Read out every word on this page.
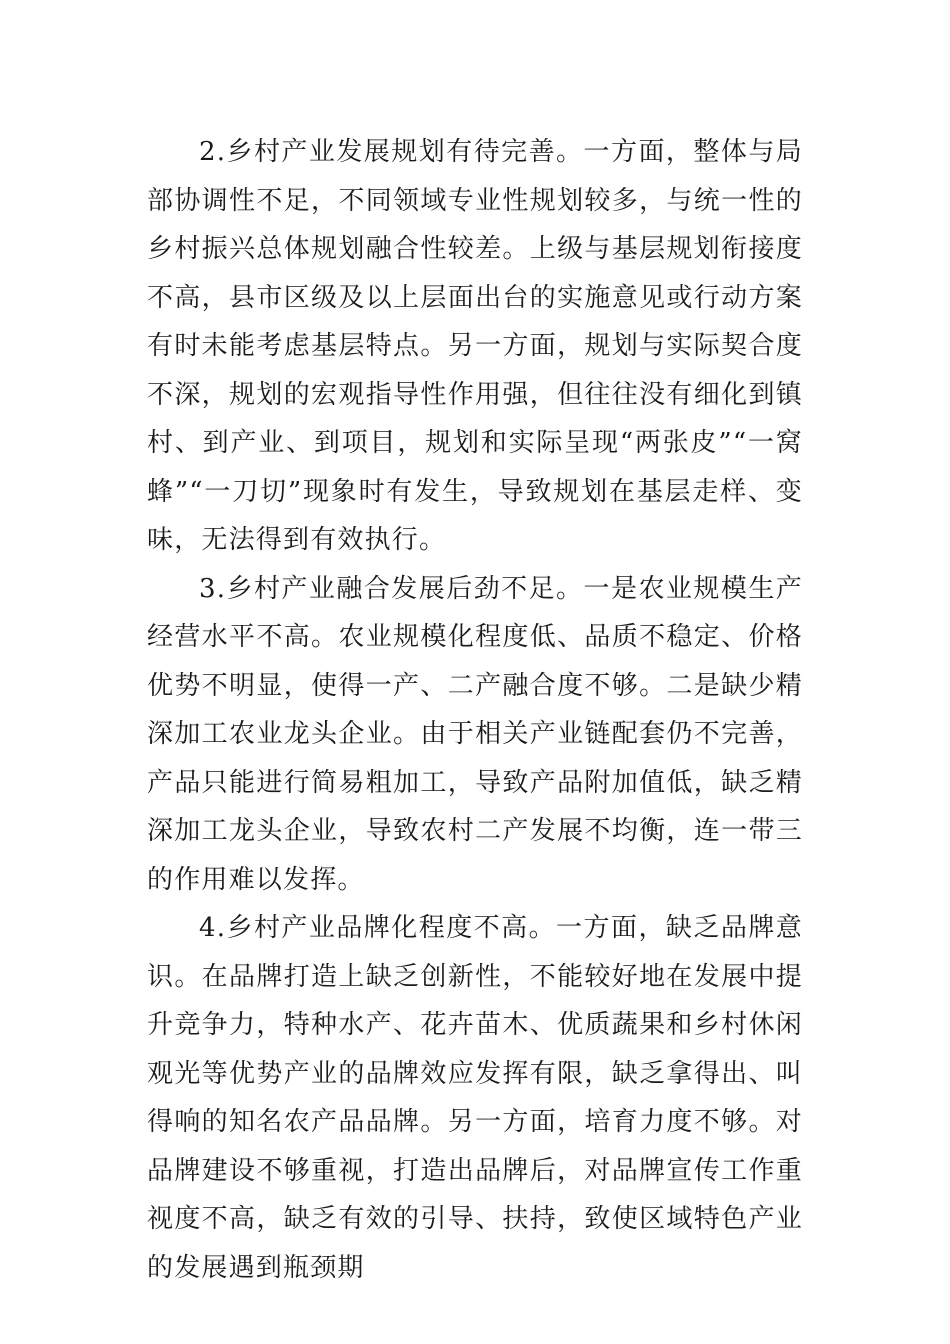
2.乡村产业发展规划有待完善。一方面，整体与局部协调性不足，不同领域专业性规划较多，与统一性的乡村振兴总体规划融合性较差。上级与基层规划衔接度不高，县市区级及以上层面出台的实施意见或行动方案有时未能考虑基层特点。另一方面，规划与实际契合度不深，规划的宏观指导性作用强，但往往没有细化到镇村、到产业、到项目，规划和实际呈现“两张皮”“一窝蜂”“一刀切”现象时有发生，导致规划在基层走样、变味，无法得到有效执行。

3.乡村产业融合发展后劲不足。一是农业规模生产经营水平不高。农业规模化程度低、品质不稳定、价格优势不明显，使得一产、二产融合度不够。二是缺少精深加工农业龙头企业。由于相关产业链配套仍不完善，产品只能进行简易粗加工，导致产品附加值低，缺乏精深加工龙头企业，导致农村二产发展不均衡，连一带三的作用难以发挥。

4.乡村产业品牌化程度不高。一方面，缺乏品牌意识。在品牌打造上缺乏创新性，不能较好地在发展中提升竞争力，特种水产、花卉苗木、优质蔬果和乡村休闲观光等优势产业的品牌效应发挥有限，缺乏拿得出、叫得响的知名农产品品牌。另一方面，培育力度不够。对品牌建设不够重视，打造出品牌后，对品牌宣传工作重视度不高，缺乏有效的引导、扶持，致使区域特色产业的发展遇到瓶颈期
